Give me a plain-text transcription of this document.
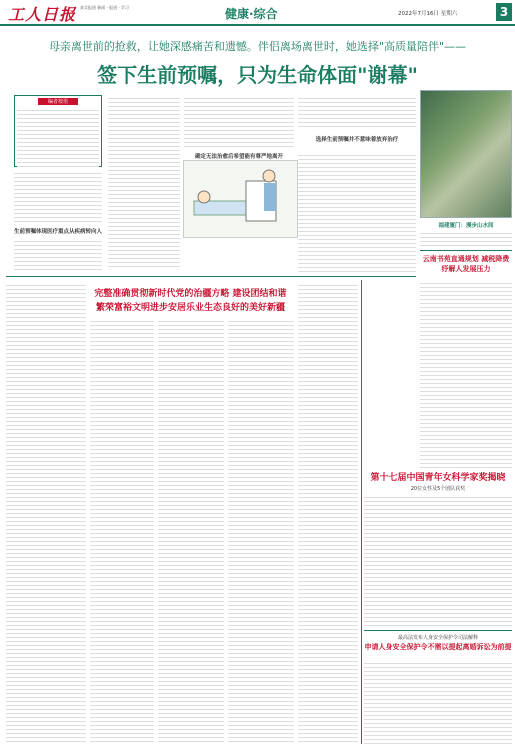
工人日报 真实报道 新闻 · 报道 · 学习	健康·综合	2022年7月16日 星期六	3
母亲离世前的抢救，让她深感痛苦和遗憾。伴侣离场离世时，她选择"高质量陪伴"——
签下生前预嘱，只为生命体面"谢幕"
编者按语
生前预嘱体现医疗重点从疾病转向人
确定无法治愈后希望能有尊严地离开
选择生前预嘱并不意味着放弃治疗
福建厦门：漫步山水间
云南书苑直通规划 减税降费纾解人发展压力
完整准确贯彻新时代党的治疆方略 建设团结和谐
繁荣富裕文明进步安居乐业生态良好的美好新疆
第十七届中国青年女科学家奖揭晓
20位女性及5个团队获奖
最高法发布人身安全保护令司法解释
申请人身安全保护令不需以提起离婚诉讼为前提
